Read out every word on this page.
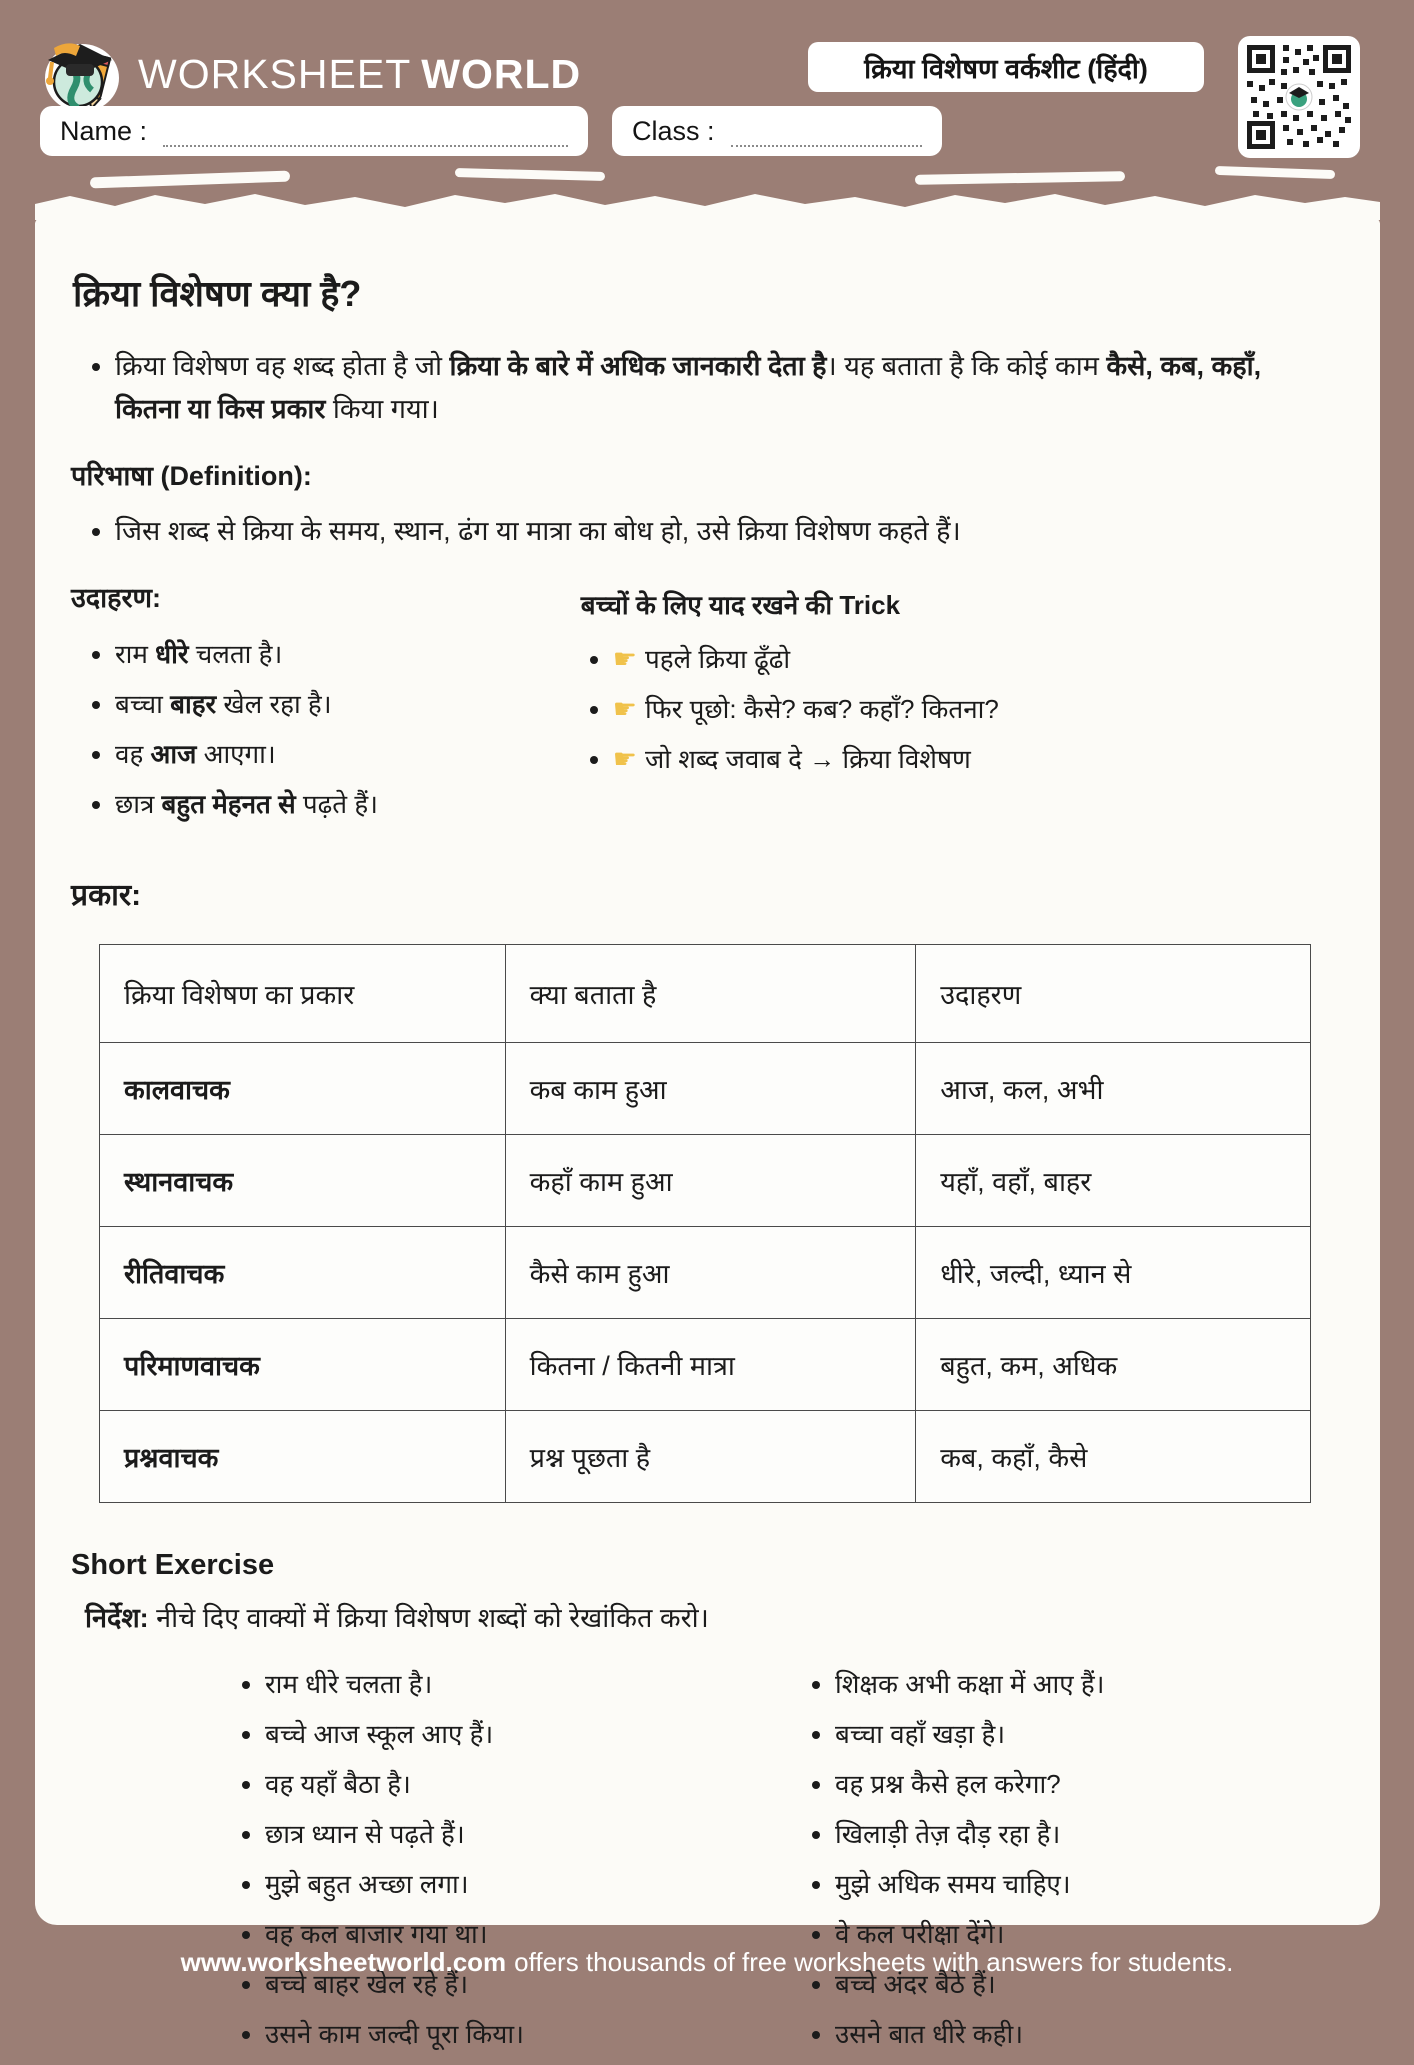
WORKSHEET WORLD	क्रिया विशेषण वर्कशीट (हिंदी)
Name :	Class :
क्रिया विशेषण क्या है?
• क्रिया विशेषण वह शब्द होता है जो क्रिया के बारे में अधिक जानकारी देता है। यह बताता है कि कोई काम कैसे, कब, कहाँ, कितना या किस प्रकार किया गया।
परिभाषा (Definition):
• जिस शब्द से क्रिया के समय, स्थान, ढंग या मात्रा का बोध हो, उसे क्रिया विशेषण कहते हैं।
उदाहरण:
• राम धीरे चलता है।
• बच्चा बाहर खेल रहा है।
• वह आज आएगा।
• छात्र बहुत मेहनत से पढ़ते हैं।
बच्चों के लिए याद रखने की Trick
• ☛ पहले क्रिया ढूँढो
• ☛ फिर पूछो: कैसे? कब? कहाँ? कितना?
• ☛ जो शब्द जवाब दे → क्रिया विशेषण
प्रकार:
क्रिया विशेषण का प्रकार	क्या बताता है	उदाहरण
कालवाचक	कब काम हुआ	आज, कल, अभी
स्थानवाचक	कहाँ काम हुआ	यहाँ, वहाँ, बाहर
रीतिवाचक	कैसे काम हुआ	धीरे, जल्दी, ध्यान से
परिमाणवाचक	कितना / कितनी मात्रा	बहुत, कम, अधिक
प्रश्नवाचक	प्रश्न पूछता है	कब, कहाँ, कैसे
Short Exercise
निर्देश: नीचे दिए वाक्यों में क्रिया विशेषण शब्दों को रेखांकित करो।
• राम धीरे चलता है।
• बच्चे आज स्कूल आए हैं।
• वह यहाँ बैठा है।
• छात्र ध्यान से पढ़ते हैं।
• मुझे बहुत अच्छा लगा।
• वह कल बाजार गया था।
• बच्चे बाहर खेल रहे हैं।
• उसने काम जल्दी पूरा किया।
• शिक्षक अभी कक्षा में आए हैं।
• बच्चा वहाँ खड़ा है।
• वह प्रश्न कैसे हल करेगा?
• खिलाड़ी तेज़ दौड़ रहा है।
• मुझे अधिक समय चाहिए।
• वे कल परीक्षा देंगे।
• बच्चे अंदर बैठे हैं।
• उसने बात धीरे कही।
www.worksheetworld.com offers thousands of free worksheets with answers for students.
